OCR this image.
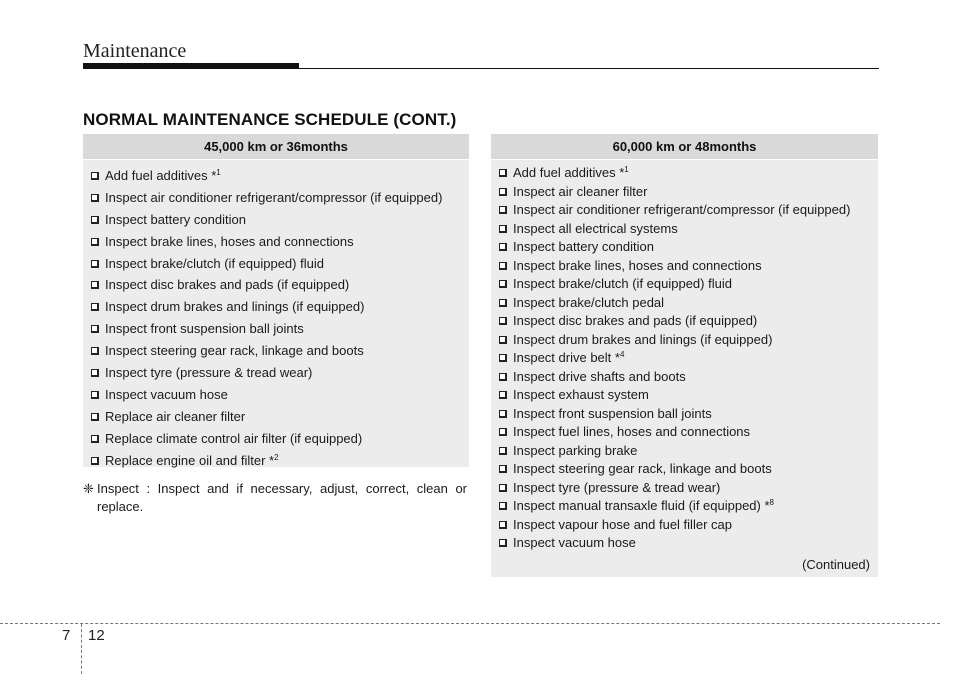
Maintenance
NORMAL MAINTENANCE SCHEDULE (CONT.)
45,000 km or 36months
Add fuel additives *$^1$
Inspect air conditioner refrigerant/compressor (if equipped)
Inspect battery condition
Inspect brake lines, hoses and connections
Inspect brake/clutch (if equipped) fluid
Inspect disc brakes and pads (if equipped)
Inspect drum brakes and linings (if equipped)
Inspect front suspension ball joints
Inspect steering gear rack, linkage and boots
Inspect tyre (pressure & tread wear)
Inspect vacuum hose
Replace air cleaner filter
Replace climate control air filter (if equipped)
Replace engine oil and filter *$^2$
60,000 km or 48months
Add fuel additives *$^1$
Inspect air cleaner filter
Inspect air conditioner refrigerant/compressor (if equipped)
Inspect all electrical systems
Inspect battery condition
Inspect brake lines, hoses and connections
Inspect brake/clutch (if equipped) fluid
Inspect brake/clutch pedal
Inspect disc brakes and pads (if equipped)
Inspect drum brakes and linings (if equipped)
Inspect drive belt *$^4$
Inspect drive shafts and boots
Inspect exhaust system
Inspect front suspension ball joints
Inspect fuel lines, hoses and connections
Inspect parking brake
Inspect steering gear rack, linkage and boots
Inspect tyre (pressure & tread wear)
Inspect manual transaxle fluid (if equipped) *$^8$
Inspect vapour hose and fuel filler cap
Inspect vacuum hose
(Continued)
❈ Inspect : Inspect and if necessary, adjust, correct, clean or replace.
7 12
